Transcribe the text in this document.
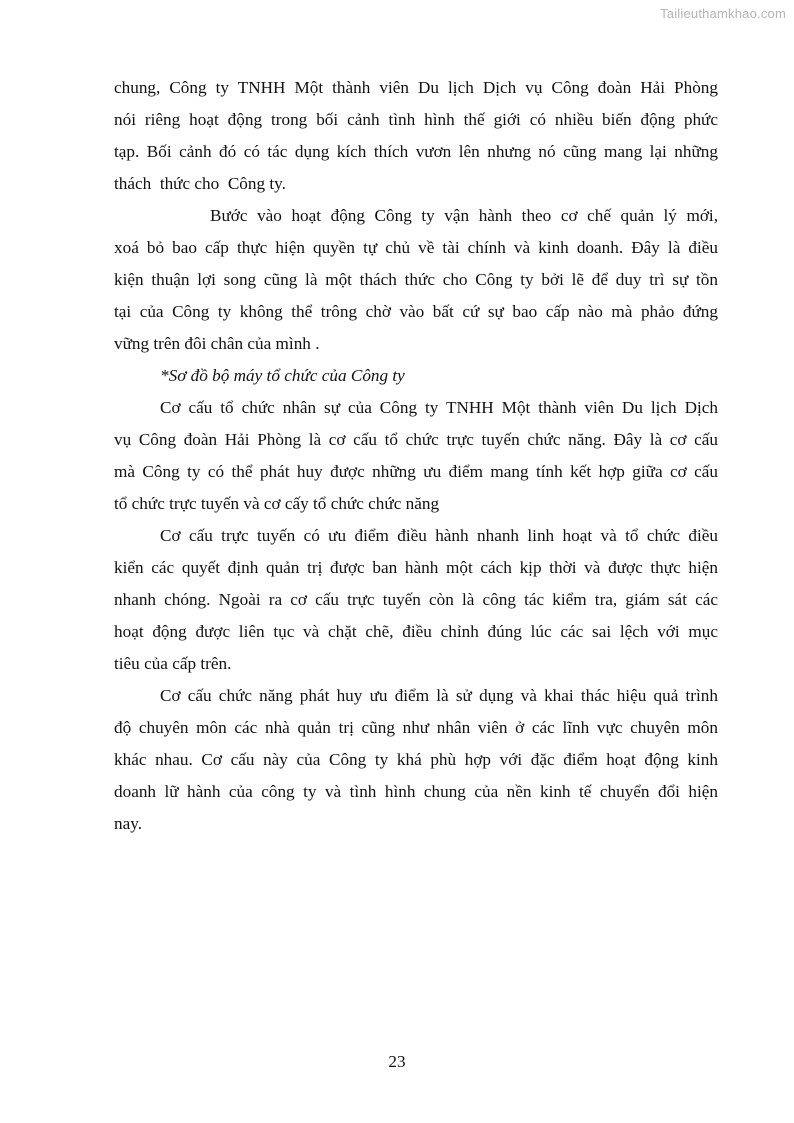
Tailieuthamkhao.com
chung, Công ty TNHH Một thành viên Du lịch Dịch vụ Công đoàn Hải Phòng
nói riêng hoạt động trong bối cảnh tình hình thế giới có nhiều biến động phức
tạp. Bối cảnh đó có tác dụng kích thích vươn lên nhưng nó cũng mang lại những
thách  thức cho  Công ty.
Bước vào hoạt động Công ty vận hành theo cơ chế quản lý mới,
xoá bỏ bao cấp thực hiện quyền tự chủ về tài chính và kinh doanh. Đây là điều
kiện thuận lợi song cũng là một thách thức cho Công ty bởi lẽ để duy trì sự tồn
tại của Công ty không thể trông chờ vào bất cứ sự bao cấp nào mà phảo đứng
vững trên đôi chân của mình .
*Sơ đồ bộ máy tổ chức của Công ty
Cơ cấu tổ chức nhân sự của Công ty TNHH Một thành viên Du lịch Dịch
vụ Công đoàn Hải Phòng là cơ cấu tổ chức trực tuyến chức năng. Đây là cơ cấu
mà Công ty có thể phát huy được những ưu điểm mang tính kết hợp giữa cơ cấu
tổ chức trực tuyến và cơ cấy tổ chức chức năng
Cơ cấu trực tuyến có ưu điểm điều hành nhanh linh hoạt và tổ chức điều
kiển các quyết định quản trị được ban hành một cách kịp thời và được thực hiện
nhanh chóng. Ngoài ra cơ cấu trực tuyến còn là công tác kiểm tra, giám sát các
hoạt động được liên tục và chặt chẽ, điều chỉnh đúng lúc các sai lệch với mục
tiêu của cấp trên.
Cơ cấu chức năng phát huy ưu điểm là sử dụng và khai thác hiệu quả trình
độ chuyên môn các nhà quản trị cũng như nhân viên ở các lĩnh vực chuyên môn
khác nhau. Cơ cấu này của Công ty khá phù hợp với đặc điểm hoạt động kinh
doanh lữ hành của công ty và tình hình chung của nền kinh tế chuyển đổi hiện
nay.
23
